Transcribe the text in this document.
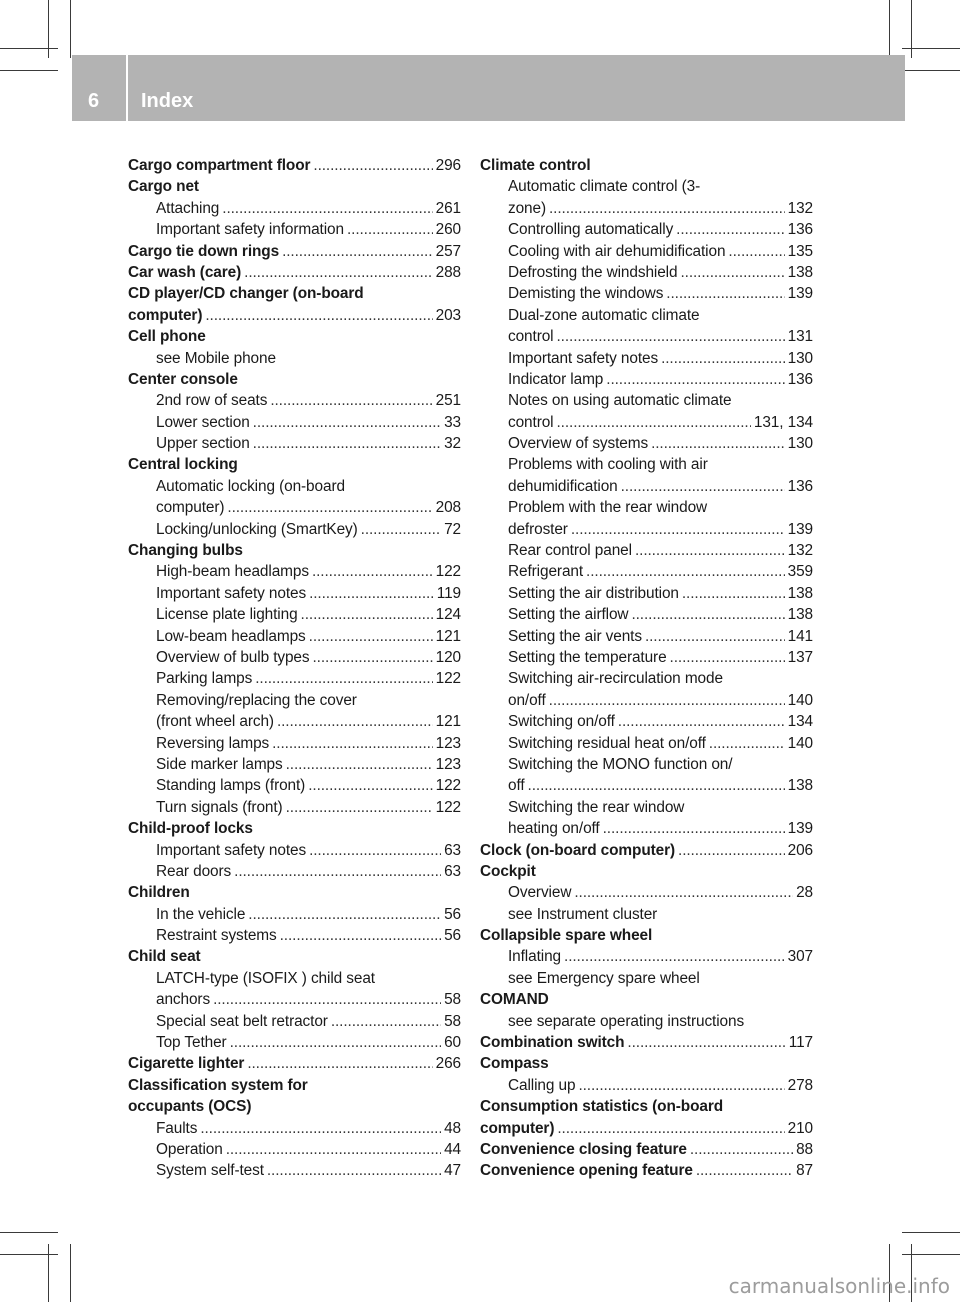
6 Index
Cargo compartment floor .....	296
Cargo net
Attaching .....	261
Important safety information .....	260
Cargo tie down rings .....	257
Car wash (care) .....	288
CD player/CD changer (on-board
computer) .....	203
Cell phone
see Mobile phone
Center console
2nd row of seats .....	251
Lower section .....	33
Upper section .....	32
Central locking
Automatic locking (on-board
computer) .....	208
Locking/unlocking (SmartKey) .....	72
Changing bulbs
High-beam headlamps .....	122
Important safety notes .....	119
License plate lighting .....	124
Low-beam headlamps .....	121
Overview of bulb types .....	120
Parking lamps .....	122
Removing/replacing the cover
(front wheel arch) .....	121
Reversing lamps .....	123
Side marker lamps .....	123
Standing lamps (front) .....	122
Turn signals (front) .....	122
Child-proof locks
Important safety notes .....	63
Rear doors .....	63
Children
In the vehicle .....	56
Restraint systems .....	56
Child seat
LATCH-type (ISOFIX ) child seat
anchors .....	58
Special seat belt retractor .....	58
Top Tether .....	60
Cigarette lighter .....	266
Classification system for
occupants (OCS)
Faults .....	48
Operation .....	44
System self-test .....	47
Climate control
Automatic climate control (3-
zone) .....	132
Controlling automatically .....	136
Cooling with air dehumidification .....	135
Defrosting the windshield .....	138
Demisting the windows .....	139
Dual-zone automatic climate
control .....	131
Important safety notes .....	130
Indicator lamp .....	136
Notes on using automatic climate
control .....	131, 134
Overview of systems .....	130
Problems with cooling with air
dehumidification .....	136
Problem with the rear window
defroster .....	139
Rear control panel .....	132
Refrigerant .....	359
Setting the air distribution .....	138
Setting the airflow .....	138
Setting the air vents .....	141
Setting the temperature .....	137
Switching air-recirculation mode
on/off .....	140
Switching on/off .....	134
Switching residual heat on/off .....	140
Switching the MONO function on/
off .....	138
Switching the rear window
heating on/off .....	139
Clock (on-board computer) .....	206
Cockpit
Overview .....	28
see Instrument cluster
Collapsible spare wheel
Inflating .....	307
see Emergency spare wheel
COMAND
see separate operating instructions
Combination switch .....	117
Compass
Calling up .....	278
Consumption statistics (on-board
computer) .....	210
Convenience closing feature .....	88
Convenience opening feature .....	87
carmanualsonline.info
